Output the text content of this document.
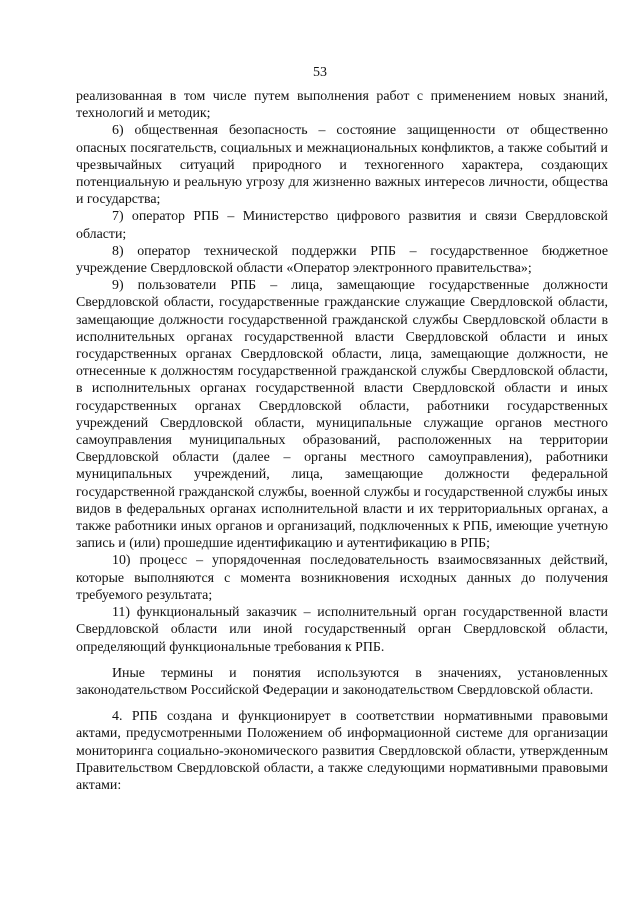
53

реализованная в том числе путем выполнения работ с применением новых знаний, технологий и методик;

6) общественная безопасность – состояние защищенности от общественно опасных посягательств, социальных и межнациональных конфликтов, а также событий и чрезвычайных ситуаций природного и техногенного характера, создающих потенциальную и реальную угрозу для жизненно важных интересов личности, общества и государства;

7) оператор РПБ – Министерство цифрового развития и связи Свердловской области;

8) оператор технической поддержки РПБ – государственное бюджетное учреждение Свердловской области «Оператор электронного правительства»;

9) пользователи РПБ – лица, замещающие государственные должности Свердловской области, государственные гражданские служащие Свердловской области, замещающие должности государственной гражданской службы Свердловской области в исполнительных органах государственной власти Свердловской области и иных государственных органах Свердловской области, лица, замещающие должности, не отнесенные к должностям государственной гражданской службы Свердловской области, в исполнительных органах государственной власти Свердловской области и иных государственных органах Свердловской области, работники государственных учреждений Свердловской области, муниципальные служащие органов местного самоуправления муниципальных образований, расположенных на территории Свердловской области (далее – органы местного самоуправления), работники муниципальных учреждений, лица, замещающие должности федеральной государственной гражданской службы, военной службы и государственной службы иных видов в федеральных органах исполнительной власти и их территориальных органах, а также работники иных органов и организаций, подключенных к РПБ, имеющие учетную запись и (или) прошедшие идентификацию и аутентификацию в РПБ;

10) процесс – упорядоченная последовательность взаимосвязанных действий, которые выполняются с момента возникновения исходных данных до получения требуемого результата;

11) функциональный заказчик – исполнительный орган государственной власти Свердловской области или иной государственный орган Свердловской области, определяющий функциональные требования к РПБ.

Иные термины и понятия используются в значениях, установленных законодательством Российской Федерации и законодательством Свердловской области.

4. РПБ создана и функционирует в соответствии нормативными правовыми актами, предусмотренными Положением об информационной системе для организации мониторинга социально-экономического развития Свердловской области, утвержденным Правительством Свердловской области, а также следующими нормативными правовыми актами:
